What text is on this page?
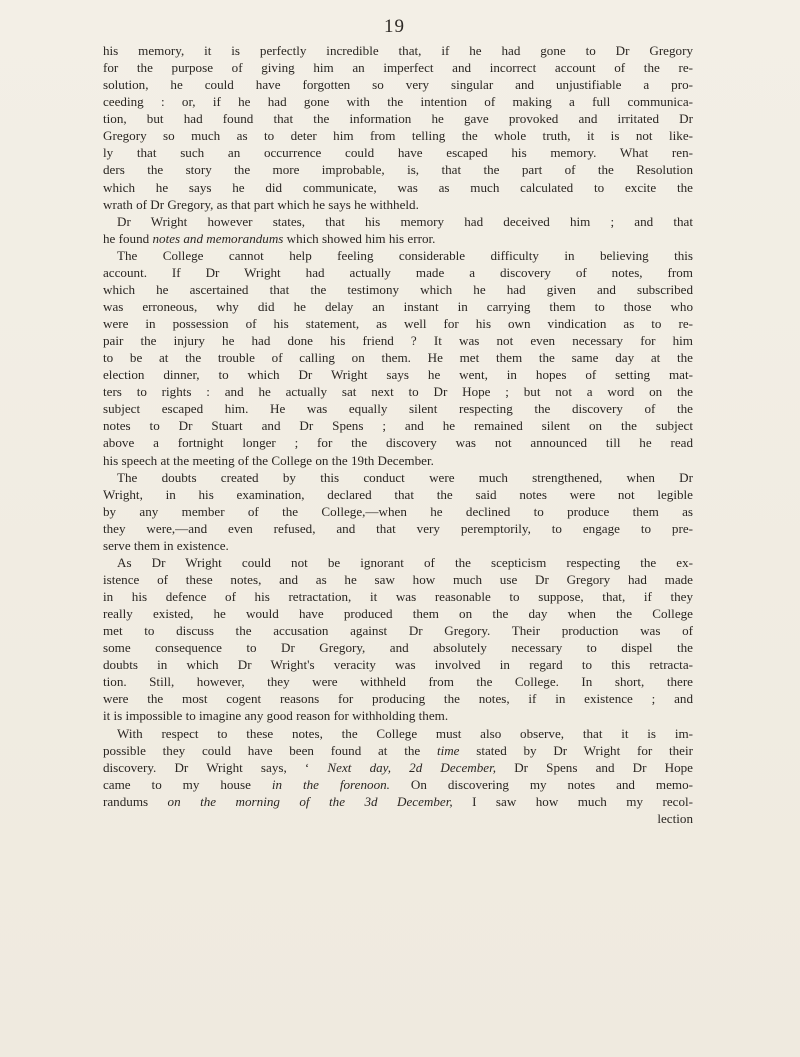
19
his memory, it is perfectly incredible that, if he had gone to Dr Gregory
for the purpose of giving him an imperfect and incorrect account of the re-
solution, he could have forgotten so very singular and unjustifiable a pro-
ceeding : or, if he had gone with the intention of making a full communica-
tion, but had found that the information he gave provoked and irritated Dr
Gregory so much as to deter him from telling the whole truth, it is not like-
ly that such an occurrence could have escaped his memory. What ren-
ders the story the more improbable, is, that the part of the Resolution
which he says he did communicate, was as much calculated to excite the
wrath of Dr Gregory, as that part which he says he withheld.
Dr Wright however states, that his memory had deceived him ; and that
he found notes and memorandums which showed him his error.
The College cannot help feeling considerable difficulty in believing this
account. If Dr Wright had actually made a discovery of notes, from
which he ascertained that the testimony which he had given and subscribed
was erroneous, why did he delay an instant in carrying them to those who
were in possession of his statement, as well for his own vindication as to re-
pair the injury he had done his friend ? It was not even necessary for him
to be at the trouble of calling on them. He met them the same day at the
election dinner, to which Dr Wright says he went, in hopes of setting mat-
ters to rights : and he actually sat next to Dr Hope ; but not a word on the
subject escaped him. He was equally silent respecting the discovery of the
notes to Dr Stuart and Dr Spens ; and he remained silent on the subject
above a fortnight longer ; for the discovery was not announced till he read
his speech at the meeting of the College on the 19th December.
The doubts created by this conduct were much strengthened, when Dr
Wright, in his examination, declared that the said notes were not legible
by any member of the College,—when he declined to produce them as
they were,—and even refused, and that very peremptorily, to engage to pre-
serve them in existence.
As Dr Wright could not be ignorant of the scepticism respecting the ex-
istence of these notes, and as he saw how much use Dr Gregory had made
in his defence of his retractation, it was reasonable to suppose, that, if they
really existed, he would have produced them on the day when the College
met to discuss the accusation against Dr Gregory. Their production was of
some consequence to Dr Gregory, and absolutely necessary to dispel the
doubts in which Dr Wright's veracity was involved in regard to this retracta-
tion. Still, however, they were withheld from the College. In short, there
were the most cogent reasons for producing the notes, if in existence ; and
it is impossible to imagine any good reason for withholding them.
With respect to these notes, the College must also observe, that it is im-
possible they could have been found at the time stated by Dr Wright for their
discovery. Dr Wright says, ‘ Next day, 2d December, Dr Spens and Dr Hope
came to my house in the forenoon. On discovering my notes and memo-
randums on the morning of the 3d December, I saw how much my recol-
lection
